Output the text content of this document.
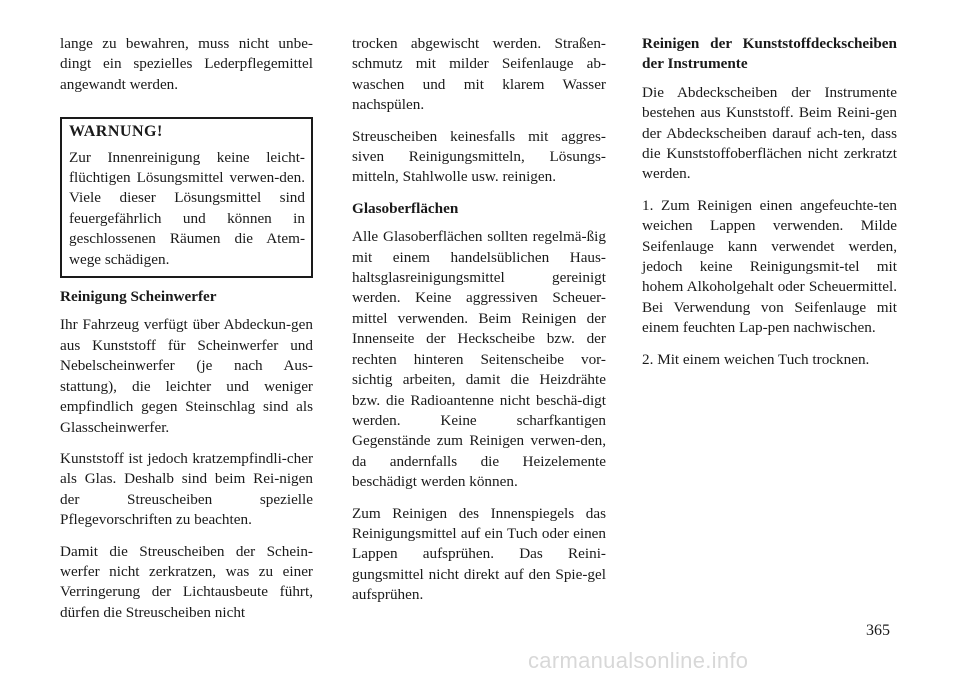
lange zu bewahren, muss nicht unbe-dingt ein spezielles Lederpflegemittel angewandt werden.

WARNUNG!
Zur Innenreinigung keine leicht-flüchtigen Lösungsmittel verwen-den. Viele dieser Lösungsmittel sind feuergefährlich und können in geschlossenen Räumen die Atem-wege schädigen.

Reinigung Scheinwerfer

Ihr Fahrzeug verfügt über Abdeckun-gen aus Kunststoff für Scheinwerfer und Nebelscheinwerfer (je nach Aus-stattung), die leichter und weniger empfindlich gegen Steinschlag sind als Glasscheinwerfer.

Kunststoff ist jedoch kratzempfindli-cher als Glas. Deshalb sind beim Rei-nigen der Streuscheiben spezielle Pflegevorschriften zu beachten.

Damit die Streuscheiben der Schein-werfer nicht zerkratzen, was zu einer Verringerung der Lichtausbeute führt, dürfen die Streuscheiben nicht

trocken abgewischt werden. Straßen-schmutz mit milder Seifenlauge ab-waschen und mit klarem Wasser nachspülen.

Streuscheiben keinesfalls mit aggres-siven Reinigungsmitteln, Lösungs-mitteln, Stahlwolle usw. reinigen.

Glasoberflächen

Alle Glasoberflächen sollten regelmä-ßig mit einem handelsüblichen Haus-haltsglasreinigungsmittel gereinigt werden. Keine aggressiven Scheuer-mittel verwenden. Beim Reinigen der Innenseite der Heckscheibe bzw. der rechten hinteren Seitenscheibe vor-sichtig arbeiten, damit die Heizdrähte bzw. die Radioantenne nicht beschä-digt werden. Keine scharfkantigen Gegenstände zum Reinigen verwen-den, da andernfalls die Heizelemente beschädigt werden können.

Zum Reinigen des Innenspiegels das Reinigungsmittel auf ein Tuch oder einen Lappen aufsprühen. Das Reini-gungsmittel nicht direkt auf den Spie-gel aufsprühen.

Reinigen der Kunststoffdeckscheiben der Instrumente

Die Abdeckscheiben der Instrumente bestehen aus Kunststoff. Beim Reini-gen der Abdeckscheiben darauf ach-ten, dass die Kunststoffoberflächen nicht zerkratzt werden.

1. Zum Reinigen einen angefeuchte-ten weichen Lappen verwenden. Milde Seifenlauge kann verwendet werden, jedoch keine Reinigungsmit-tel mit hohem Alkoholgehalt oder Scheuermittel. Bei Verwendung von Seifenlauge mit einem feuchten Lap-pen nachwischen.

2. Mit einem weichen Tuch trocknen.

365
carmanualsonline.info
